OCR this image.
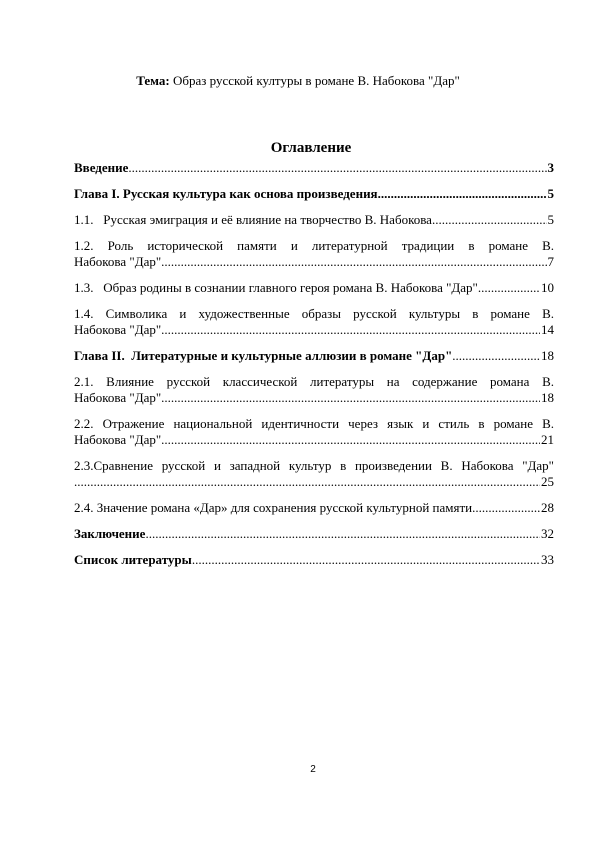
Тема: Образ русской културы в романе В. Набокова "Дар"
Оглавление
Введение .....	3
Глава I. Русская культура как основа произведения .....	5
1.1.   Русская эмиграция и её влияние на творчество В. Набокова. .....	5
1.2. Роль исторической памяти и литературной традиции в романе В.
Набокова "Дар" .....	7
1.3.   Образ родины в сознании главного героя романа В. Набокова "Дар" .....	10
1.4. Символика и художественные образы русской культуры в романе В.
Набокова "Дар" .....	14
Глава II.  Литературные и культурные аллюзии в романе "Дар" .....	18
2.1. Влияние русской классической литературы на содержание романа В.
Набокова "Дар" .....	18
2.2. Отражение национальной идентичности через язык и стиль в романе В.
Набокова "Дар" .....	21
2.3.Сравнение русской и западной культур в произведении В. Набокова "Дар"
.....
25
2.4. Значение романа «Дар» для сохранения русской культурной памяти .....	28
Заключение .....	32
Список литературы .....	33
2
